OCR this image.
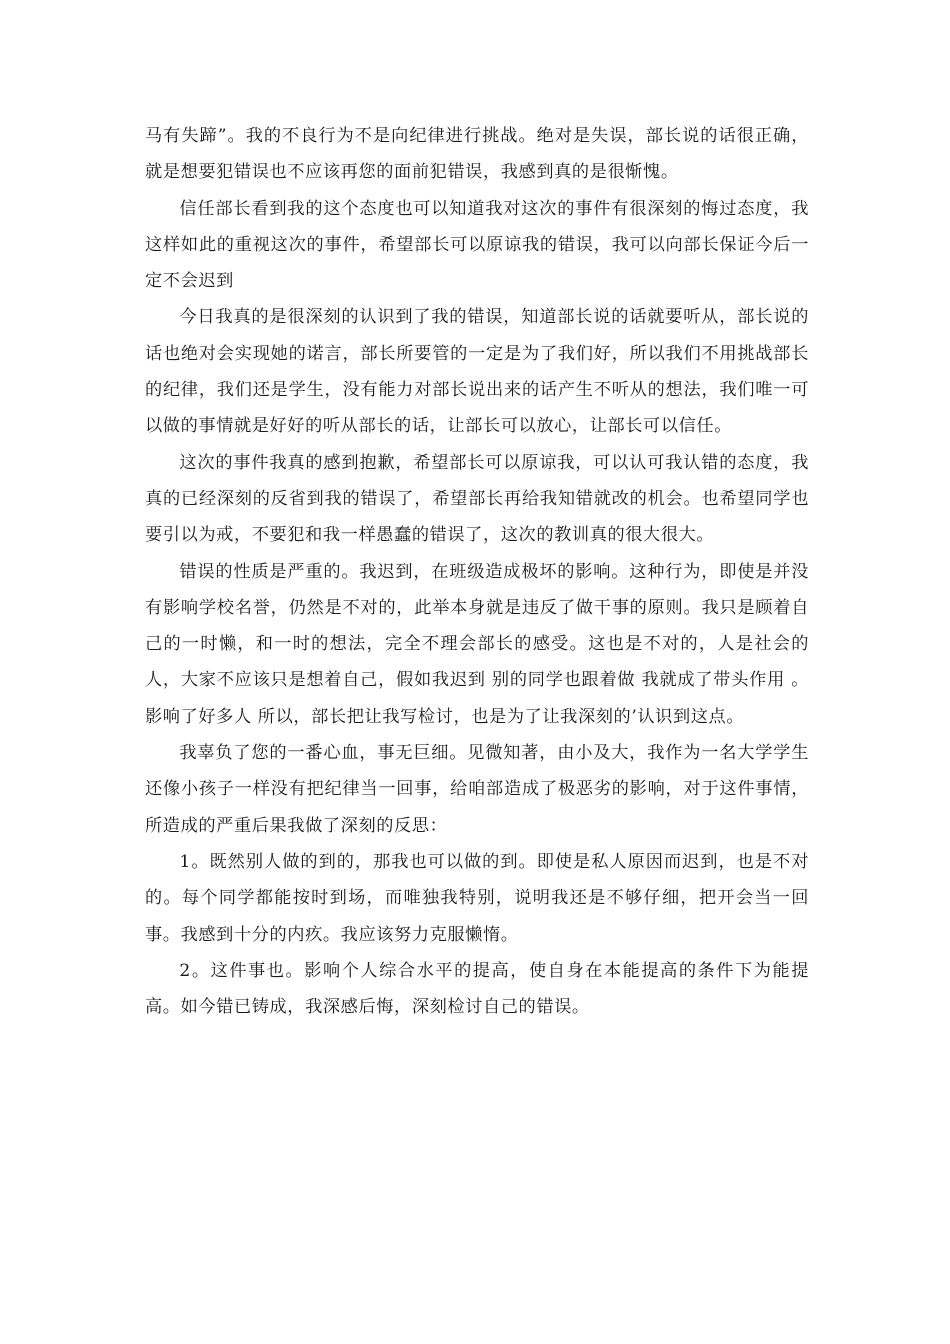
马有失蹄”。我的不良行为不是向纪律进行挑战。绝对是失误，部长说的话很正确，就是想要犯错误也不应该再您的面前犯错误，我感到真的是很惭愧。

信任部长看到我的这个态度也可以知道我对这次的事件有很深刻的悔过态度，我这样如此的重视这次的事件，希望部长可以原谅我的错误，我可以向部长保证今后一定不会迟到

今日我真的是很深刻的认识到了我的错误，知道部长说的话就要听从，部长说的话也绝对会实现她的诺言，部长所要管的一定是为了我们好，所以我们不用挑战部长的纪律，我们还是学生，没有能力对部长说出来的话产生不听从的想法，我们唯一可以做的事情就是好好的听从部长的话，让部长可以放心，让部长可以信任。

这次的事件我真的感到抱歉，希望部长可以原谅我，可以认可我认错的态度，我真的已经深刻的反省到我的错误了，希望部长再给我知错就改的机会。也希望同学也要引以为戒，不要犯和我一样愚蠢的错误了，这次的教训真的很大很大。

错误的性质是严重的。我迟到，在班级造成极坏的影响。这种行为，即使是并没有影响学校名誉，仍然是不对的，此举本身就是违反了做干事的原则。我只是顾着自己的一时懒，和一时的想法，完全不理会部长的感受。这也是不对的，人是社会的人，大家不应该只是想着自己，假如我迟到 别的同学也跟着做 我就成了带头作用 。影响了好多人 所以，部长把让我写检讨，也是为了让我深刻的’认识到这点。

我辜负了您的一番心血，事无巨细。见微知著，由小及大，我作为一名大学学生还像小孩子一样没有把纪律当一回事，给咱部造成了极恶劣的影响，对于这件事情，所造成的严重后果我做了深刻的反思：

1。既然别人做的到的，那我也可以做的到。即使是私人原因而迟到，也是不对的。每个同学都能按时到场，而唯独我特别，说明我还是不够仔细，把开会当一回事。我感到十分的内疚。我应该努力克服懒惰。

2。这件事也。影响个人综合水平的提高，使自身在本能提高的条件下为能提高。如今错已铸成，我深感后悔，深刻检讨自己的错误。
